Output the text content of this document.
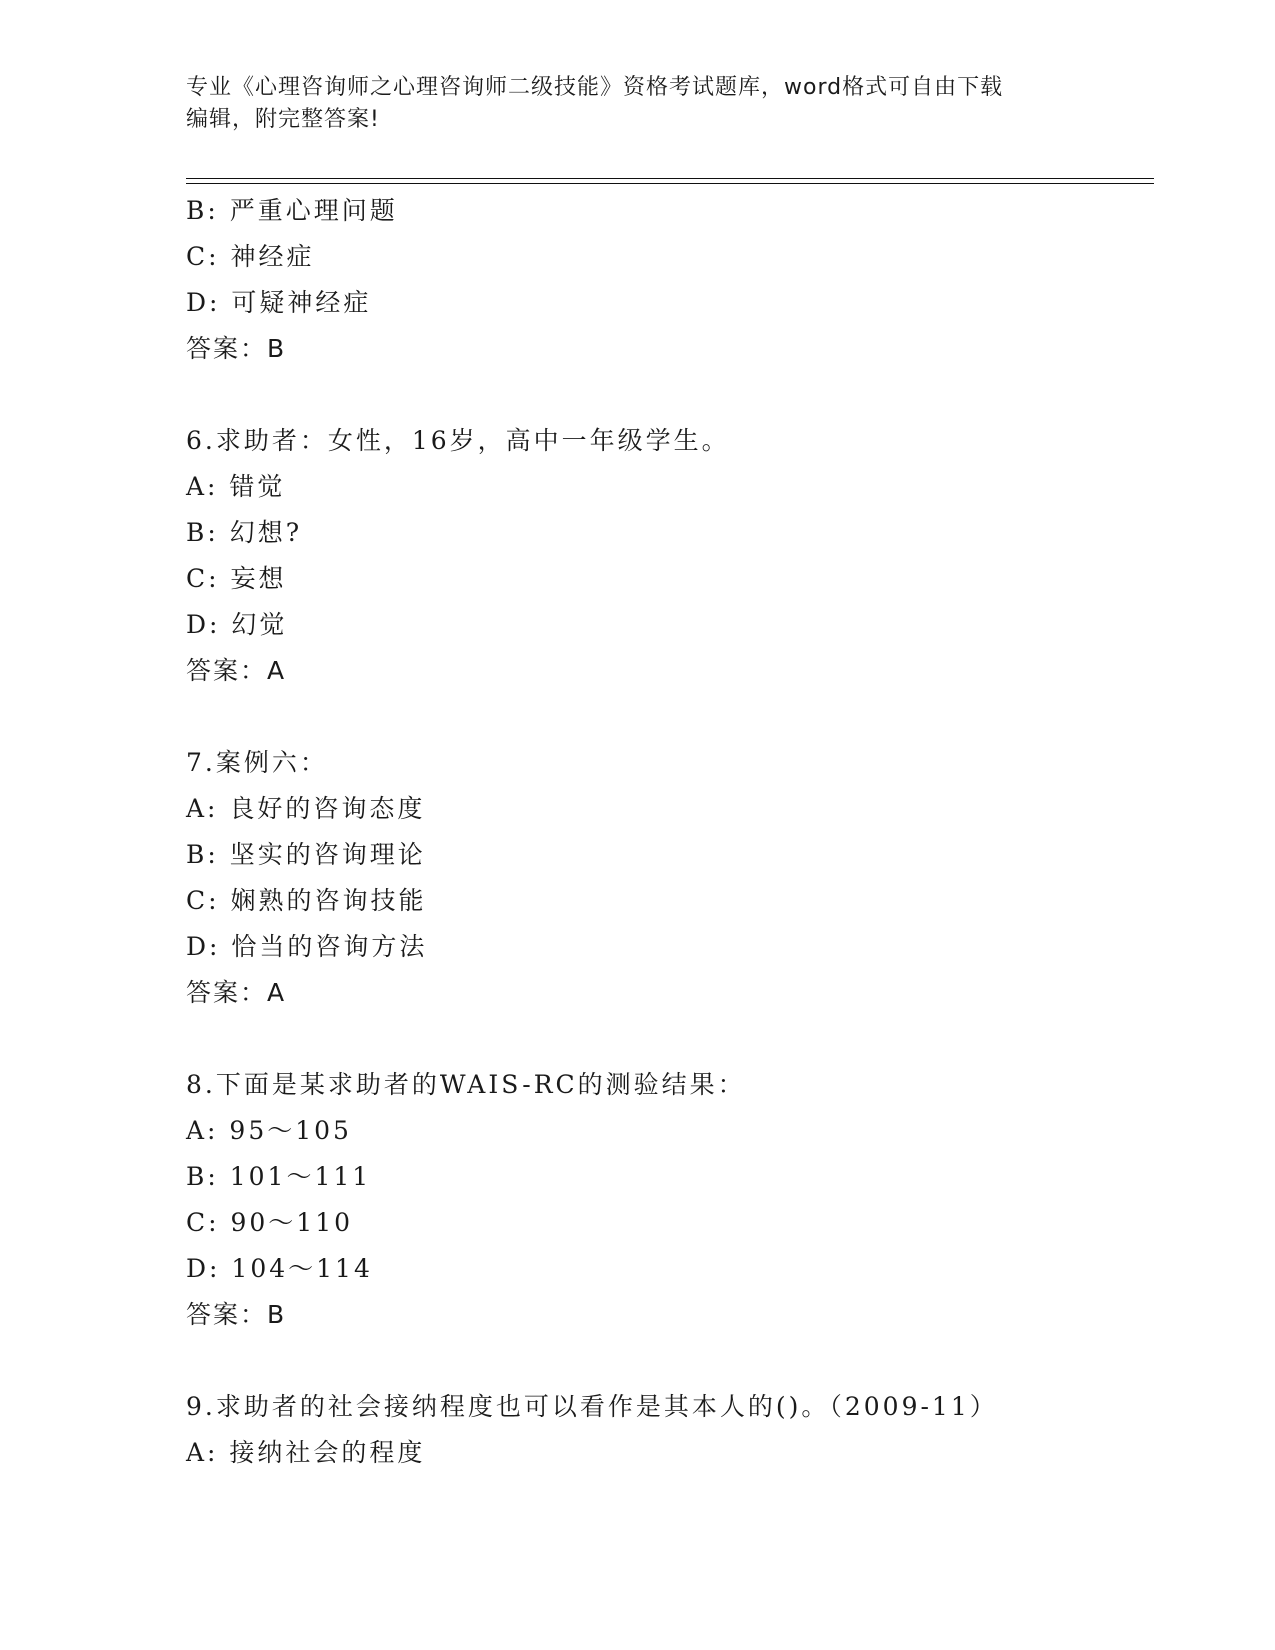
专业《心理咨询师之心理咨询师二级技能》资格考试题库，word格式可自由下载
编辑，附完整答案!
B: 严重心理问题
C: 神经症
D: 可疑神经症
答案：B
6.求助者：女性，16岁，高中一年级学生。
A: 错觉
B: 幻想?
C: 妄想
D: 幻觉
答案：A
7.案例六：
A: 良好的咨询态度
B: 坚实的咨询理论
C: 娴熟的咨询技能
D: 恰当的咨询方法
答案：A
8.下面是某求助者的WAIS-RC的测验结果：
A: 95～105
B: 101～111
C: 90～110
D: 104～114
答案：B
9.求助者的社会接纳程度也可以看作是其本人的()。（2009-11）
A: 接纳社会的程度
